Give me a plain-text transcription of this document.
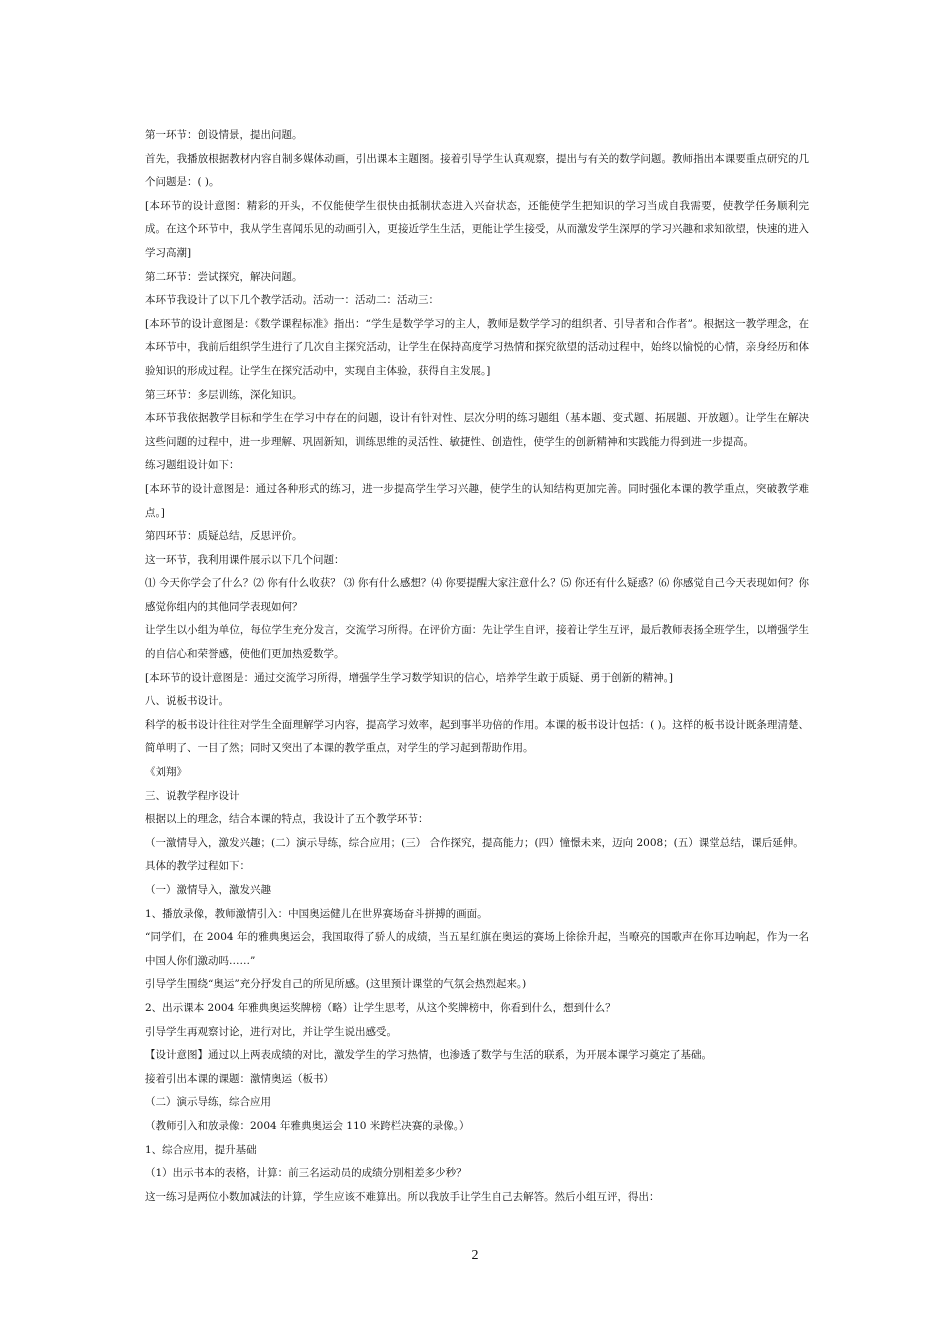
第一环节：创设情景，提出问题。

首先，我播放根据教材内容自制多媒体动画，引出课本主题图。接着引导学生认真观察，提出与有关的数学问题。教师指出本课要重点研究的几个问题是：( )。

[本环节的设计意图：精彩的开头，不仅能使学生很快由抵制状态进入兴奋状态，还能使学生把知识的学习当成自我需要，使教学任务顺利完成。在这个环节中，我从学生喜闻乐见的动画引入，更接近学生生活，更能让学生接受，从而激发学生深厚的学习兴趣和求知欲望，快速的进入学习高潮]

第二环节：尝试探究，解决问题。

本环节我设计了以下几个教学活动。活动一：活动二：活动三：

[本环节的设计意图是：《数学课程标准》指出：“学生是数学学习的主人，教师是数学学习的组织者、引导者和合作者”。根据这一教学理念，在本环节中，我前后组织学生进行了几次自主探究活动，让学生在保持高度学习热情和探究欲望的活动过程中，始终以愉悦的心情，亲身经历和体验知识的形成过程。让学生在探究活动中，实现自主体验，获得自主发展。]

第三环节：多层训练，深化知识。

本环节我依据教学目标和学生在学习中存在的问题，设计有针对性、层次分明的练习题组（基本题、变式题、拓展题、开放题）。让学生在解决这些问题的过程中，进一步理解、巩固新知，训练思维的灵活性、敏捷性、创造性，使学生的创新精神和实践能力得到进一步提高。

练习题组设计如下：

[本环节的设计意图是：通过各种形式的练习，进一步提高学生学习兴趣，使学生的认知结构更加完善。同时强化本课的教学重点，突破教学难点。]

第四环节：质疑总结，反思评价。

这一环节，我利用课件展示以下几个问题：

⑴ 今天你学会了什么？⑵ 你有什么收获？ ⑶ 你有什么感想？⑷ 你要提醒大家注意什么？⑸ 你还有什么疑惑？⑹ 你感觉自己今天表现如何？你感觉你组内的其他同学表现如何？

让学生以小组为单位，每位学生充分发言，交流学习所得。在评价方面：先让学生自评，接着让学生互评，最后教师表扬全班学生，以增强学生的自信心和荣誉感，使他们更加热爱数学。

[本环节的设计意图是：通过交流学习所得，增强学生学习数学知识的信心，培养学生敢于质疑、勇于创新的精神。]

八、说板书设计。

科学的板书设计往往对学生全面理解学习内容，提高学习效率，起到事半功倍的作用。本课的板书设计包括：( )。这样的板书设计既条理清楚、简单明了、一目了然；同时又突出了本课的教学重点，对学生的学习起到帮助作用。

《刘翔》

三、说教学程序设计

根据以上的理念，结合本课的特点，我设计了五个教学环节：

（一激情导入，激发兴趣；(二）演示导练，综合应用；(三） 合作探究，提高能力；(四）憧憬未来，迈向 2008；(五）课堂总结，课后延伸。

具体的教学过程如下：

（一）激情导入，激发兴趣

1、播放录像，教师激情引入：中国奥运健儿在世界赛场奋斗拼搏的画面。

“同学们，在 2004 年的雅典奥运会，我国取得了骄人的成绩，当五星红旗在奥运的赛场上徐徐升起，当嘹亮的国歌声在你耳边响起，作为一名中国人你们激动吗……”

引导学生围绕“奥运”充分抒发自己的所见所感。(这里预计课堂的气氛会热烈起来。)

2、出示课本 2004 年雅典奥运奖牌榜（略）让学生思考，从这个奖牌榜中，你看到什么，想到什么？

引导学生再观察讨论，进行对比，并让学生说出感受。

【设计意图】通过以上两表成绩的对比，激发学生的学习热情，也渗透了数学与生活的联系，为开展本课学习奠定了基础。

接着引出本课的课题：激情奥运（板书）

（二）演示导练，综合应用

（教师引入和放录像：2004 年雅典奥运会 110 米跨栏决赛的录像。）

1、综合应用，提升基础

（1）出示书本的表格，计算：前三名运动员的成绩分别相差多少秒？

这一练习是两位小数加减法的计算，学生应该不难算出。所以我放手让学生自己去解答。然后小组互评，得出：

2
